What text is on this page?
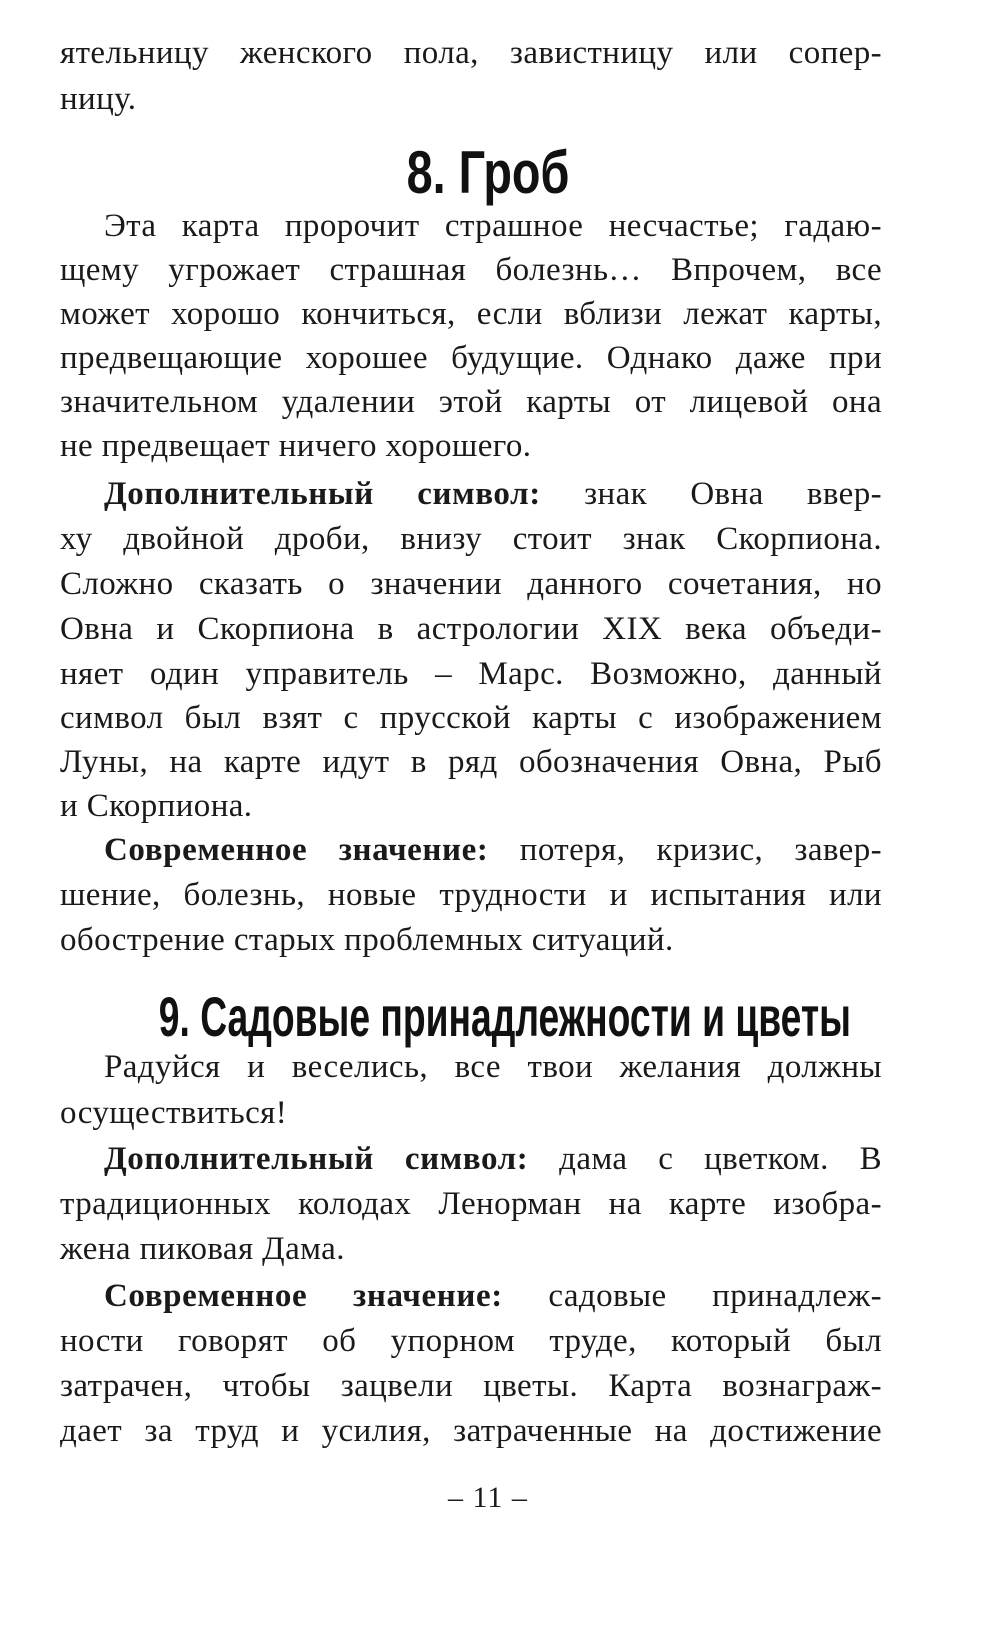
ятельницу женского пола, завистницу или сопер-
ницу.
8. Гроб
Эта карта пророчит страшное несчастье; гадаю-
щему угрожает страшная болезнь… Впрочем, все
может хорошо кончиться, если вблизи лежат карты,
предвещающие хорошее будущие. Однако даже при
значительном удалении этой карты от лицевой она
не предвещает ничего хорошего.
Дополнительный символ: знак Овна ввер-
ху двойной дроби, внизу стоит знак Скорпиона.
Сложно сказать о значении данного сочетания, но
Овна и Скорпиона в астрологии XIX века объеди-
няет один управитель – Марс. Возможно, данный
символ был взят с прусской карты с изображением
Луны, на карте идут в ряд обозначения Овна, Рыб
и Скорпиона.
Современное значение: потеря, кризис, завер-
шение, болезнь, новые трудности и испытания или
обострение старых проблемных ситуаций.
9. Садовые принадлежности и цветы
Радуйся и веселись, все твои желания должны
осуществиться!
Дополнительный символ: дама с цветком. В
традиционных колодах Ленорман на карте изобра-
жена пиковая Дама.
Современное значение: садовые принадлеж-
ности говорят об упорном труде, который был
затрачен, чтобы зацвели цветы. Карта вознаграж-
дает за труд и усилия, затраченные на достижение
– 11 –
